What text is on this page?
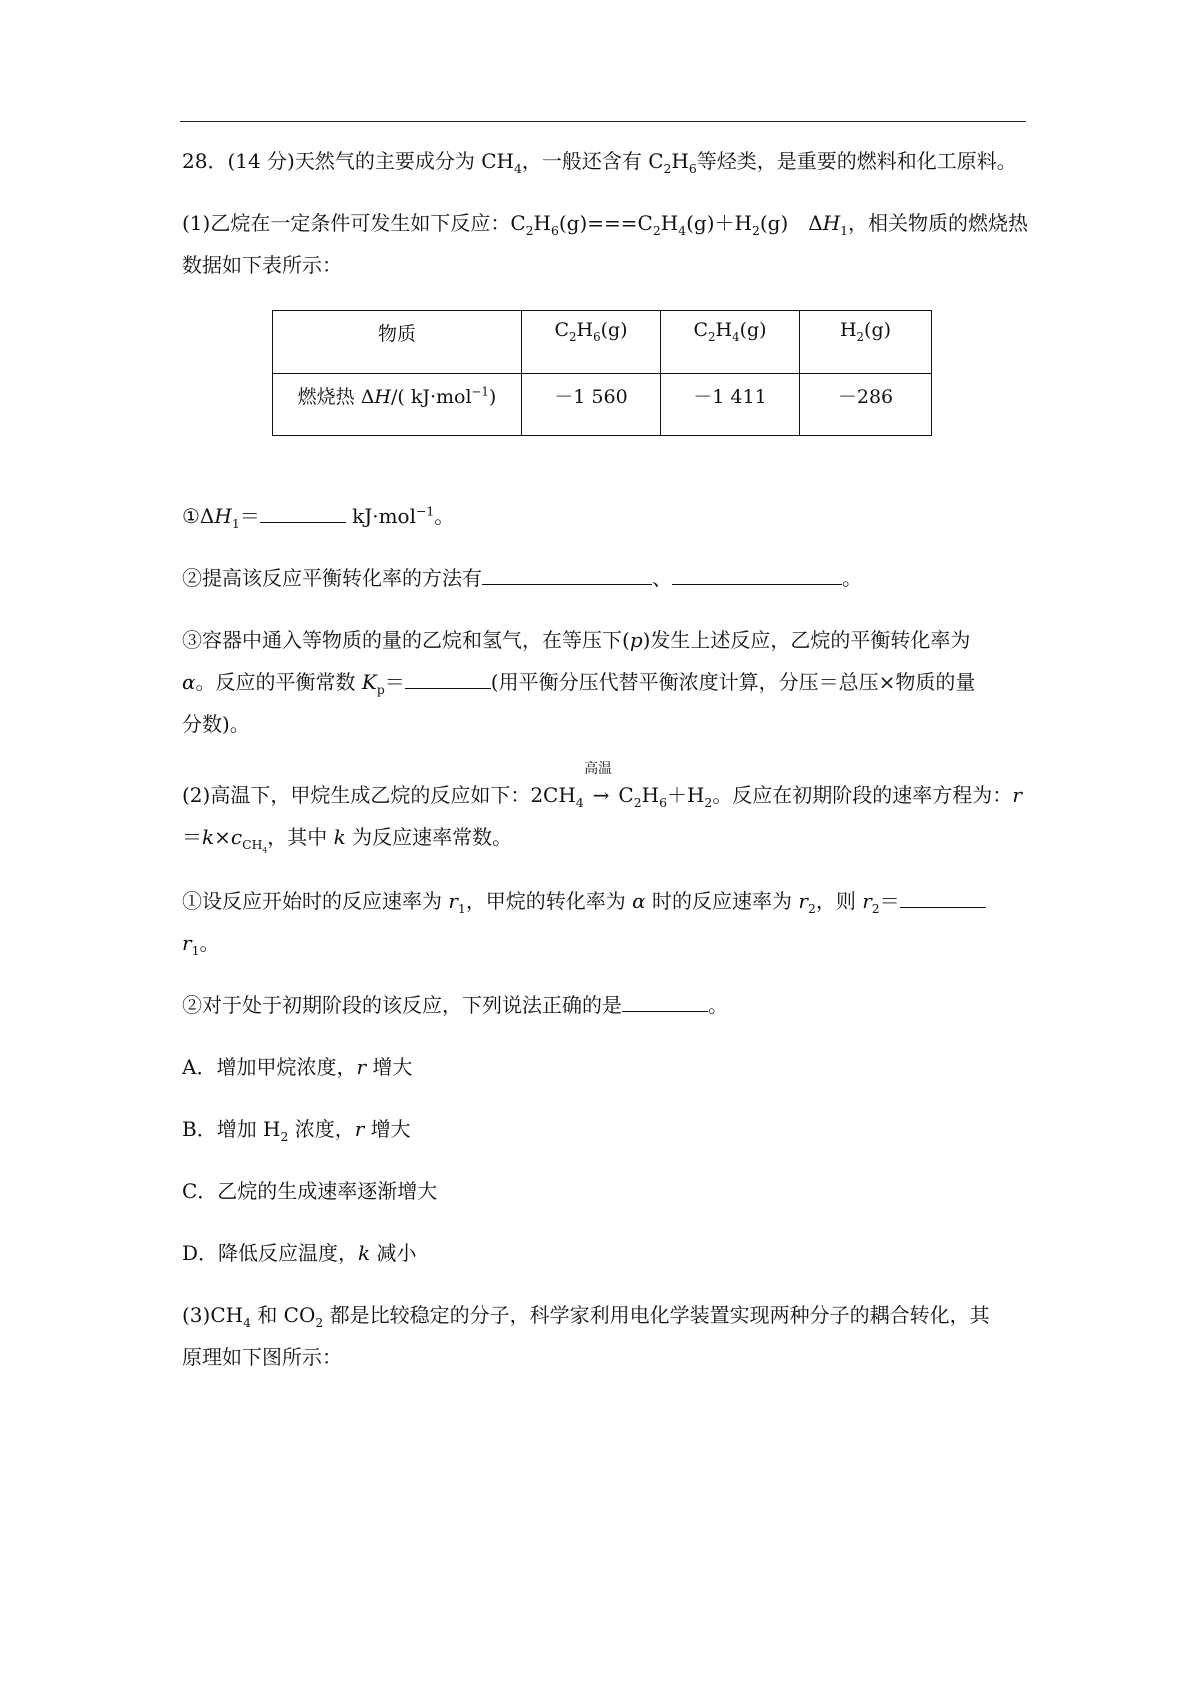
28．(14 分)天然气的主要成分为 $CH_4$，一般还含有 $C_2H_6$等烃类，是重要的燃料和化工原料。
(1)乙烷在一定条件可发生如下反应：$C_2H_6(g)===C_2H_4(g)+H_2(g)$　$\Delta H_1$，相关物质的燃烧热
数据如下表所示：
物质	$C_2H_6(g)$	$C_2H_4(g)$	$H_2(g)$
燃烧热 ΔH/( kJ·mol$^{-1}$)	－1 560	－1 411	－286
$①\Delta H_1=$	kJ·mol$^{-1}$。
②提高该反应平衡转化率的方法有	、	。
③容器中通入等物质的量的乙烷和氢气，在等压下(p)发生上述反应，乙烷的平衡转化率为
α。反应的平衡常数 $K_p=$	(用平衡分压代替平衡浓度计算，分压＝总压×物质的量
分数)。
(2)高温下，甲烷生成乙烷的反应如下：$2CH_4$
高温
→ $C_2H_6+H_2$。反应在初期阶段的速率方程为：r
$=k\times c_{CH_4}$，其中 k 为反应速率常数。
①设反应开始时的反应速率为 $r_1$，甲烷的转化率为 α 时的反应速率为 $r_2$，则 $r_2=$
$r_1$。
②对于处于初期阶段的该反应，下列说法正确的是	。
A．增加甲烷浓度，r 增大
B．增加 $H_2$ 浓度，r 增大
C．乙烷的生成速率逐渐增大
D．降低反应温度，k 减小
$(3)CH_4$ 和 $CO_2$ 都是比较稳定的分子，科学家利用电化学装置实现两种分子的耦合转化，其
原理如下图所示：
